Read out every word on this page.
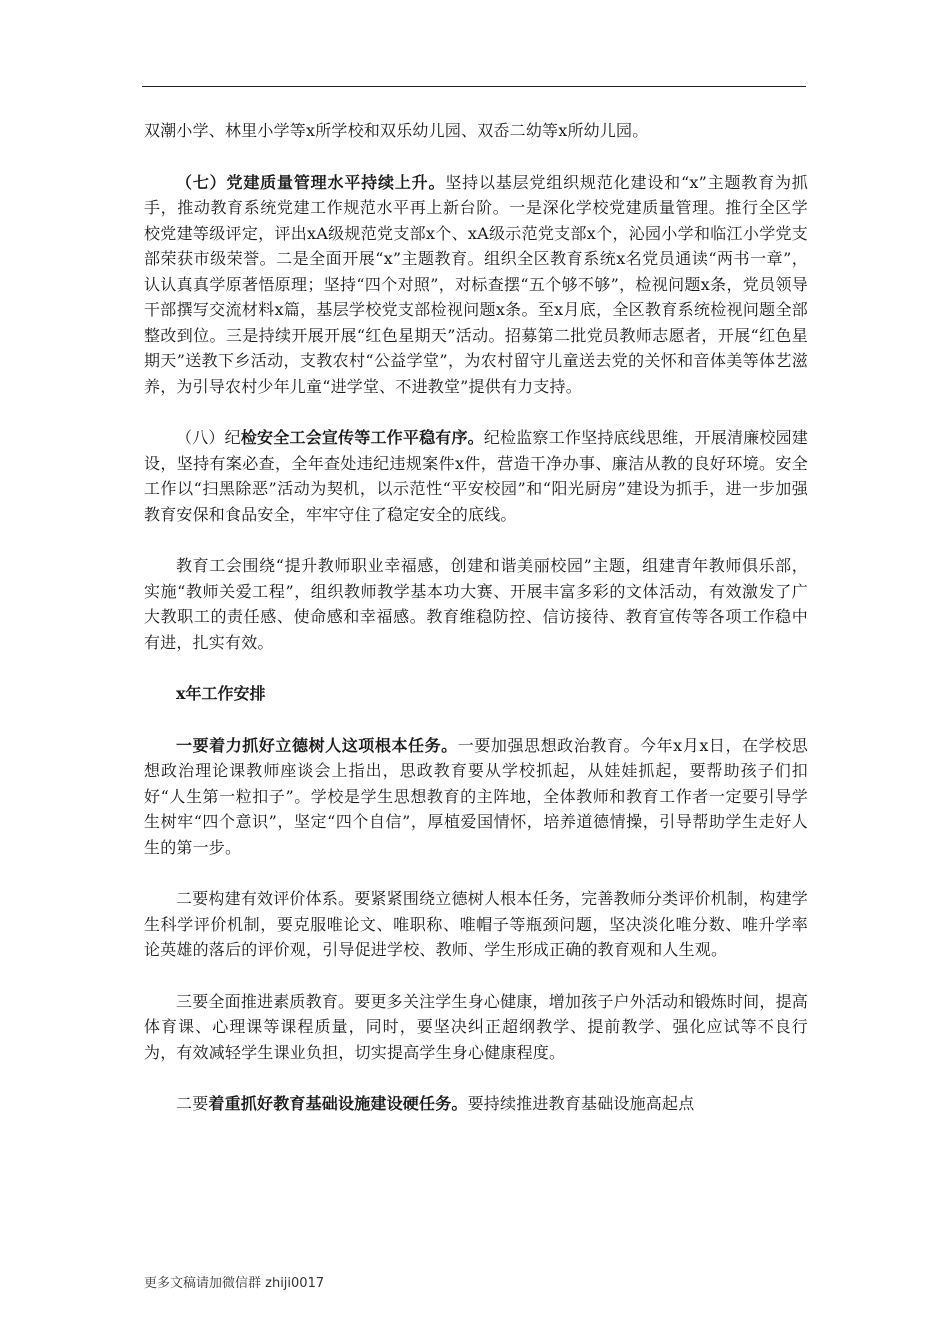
双潮小学、林里小学等x所学校和双乐幼儿园、双岙二幼等x所幼儿园。

（七）党建质量管理水平持续上升。坚持以基层党组织规范化建设和“x”主题教育为抓手，推动教育系统党建工作规范水平再上新台阶。一是深化学校党建质量管理。推行全区学校党建等级评定，评出xA级规范党支部x个、xA级示范党支部x个，沁园小学和临江小学党支部荣获市级荣誉。二是全面开展“x”主题教育。组织全区教育系统x名党员通读“两书一章”，认认真真学原著悟原理；坚持“四个对照”，对标查摆“五个够不够”，检视问题x条，党员领导干部撰写交流材料x篇，基层学校党支部检视问题x条。至x月底，全区教育系统检视问题全部整改到位。三是持续开展开展“红色星期天”活动。招募第二批党员教师志愿者，开展“红色星期天”送教下乡活动，支教农村“公益学堂”，为农村留守儿童送去党的关怀和音体美等体艺滋养，为引导农村少年儿童“进学堂、不进教堂”提供有力支持。

（八）纪检安全工会宣传等工作平稳有序。纪检监察工作坚持底线思维，开展清廉校园建设，坚持有案必查，全年查处违纪违规案件x件，营造干净办事、廉洁从教的良好环境。安全工作以“扫黑除恶”活动为契机，以示范性“平安校园”和“阳光厨房”建设为抓手，进一步加强教育安保和食品安全，牢牢守住了稳定安全的底线。

教育工会围绕“提升教师职业幸福感，创建和谐美丽校园”主题，组建青年教师俱乐部，实施“教师关爱工程”，组织教师教学基本功大赛、开展丰富多彩的文体活动，有效激发了广大教职工的责任感、使命感和幸福感。教育维稳防控、信访接待、教育宣传等各项工作稳中有进，扎实有效。

x年工作安排

一要着力抓好立德树人这项根本任务。一要加强思想政治教育。今年x月x日，在学校思想政治理论课教师座谈会上指出，思政教育要从学校抓起，从娃娃抓起，要帮助孩子们扣好“人生第一粒扣子”。学校是学生思想教育的主阵地，全体教师和教育工作者一定要引导学生树牢“四个意识”，坚定“四个自信”，厚植爱国情怀，培养道德情操，引导帮助学生走好人生的第一步。

二要构建有效评价体系。要紧紧围绕立德树人根本任务，完善教师分类评价机制，构建学生科学评价机制，要克服唯论文、唯职称、唯帽子等瓶颈问题，坚决淡化唯分数、唯升学率论英雄的落后的评价观，引导促进学校、教师、学生形成正确的教育观和人生观。

三要全面推进素质教育。要更多关注学生身心健康，增加孩子户外活动和锻炼时间，提高体育课、心理课等课程质量，同时，要坚决纠正超纲教学、提前教学、强化应试等不良行为，有效减轻学生课业负担，切实提高学生身心健康程度。

二要着重抓好教育基础设施建设硬任务。要持续推进教育基础设施高起点

更多文稿请加微信群 zhiji0017
